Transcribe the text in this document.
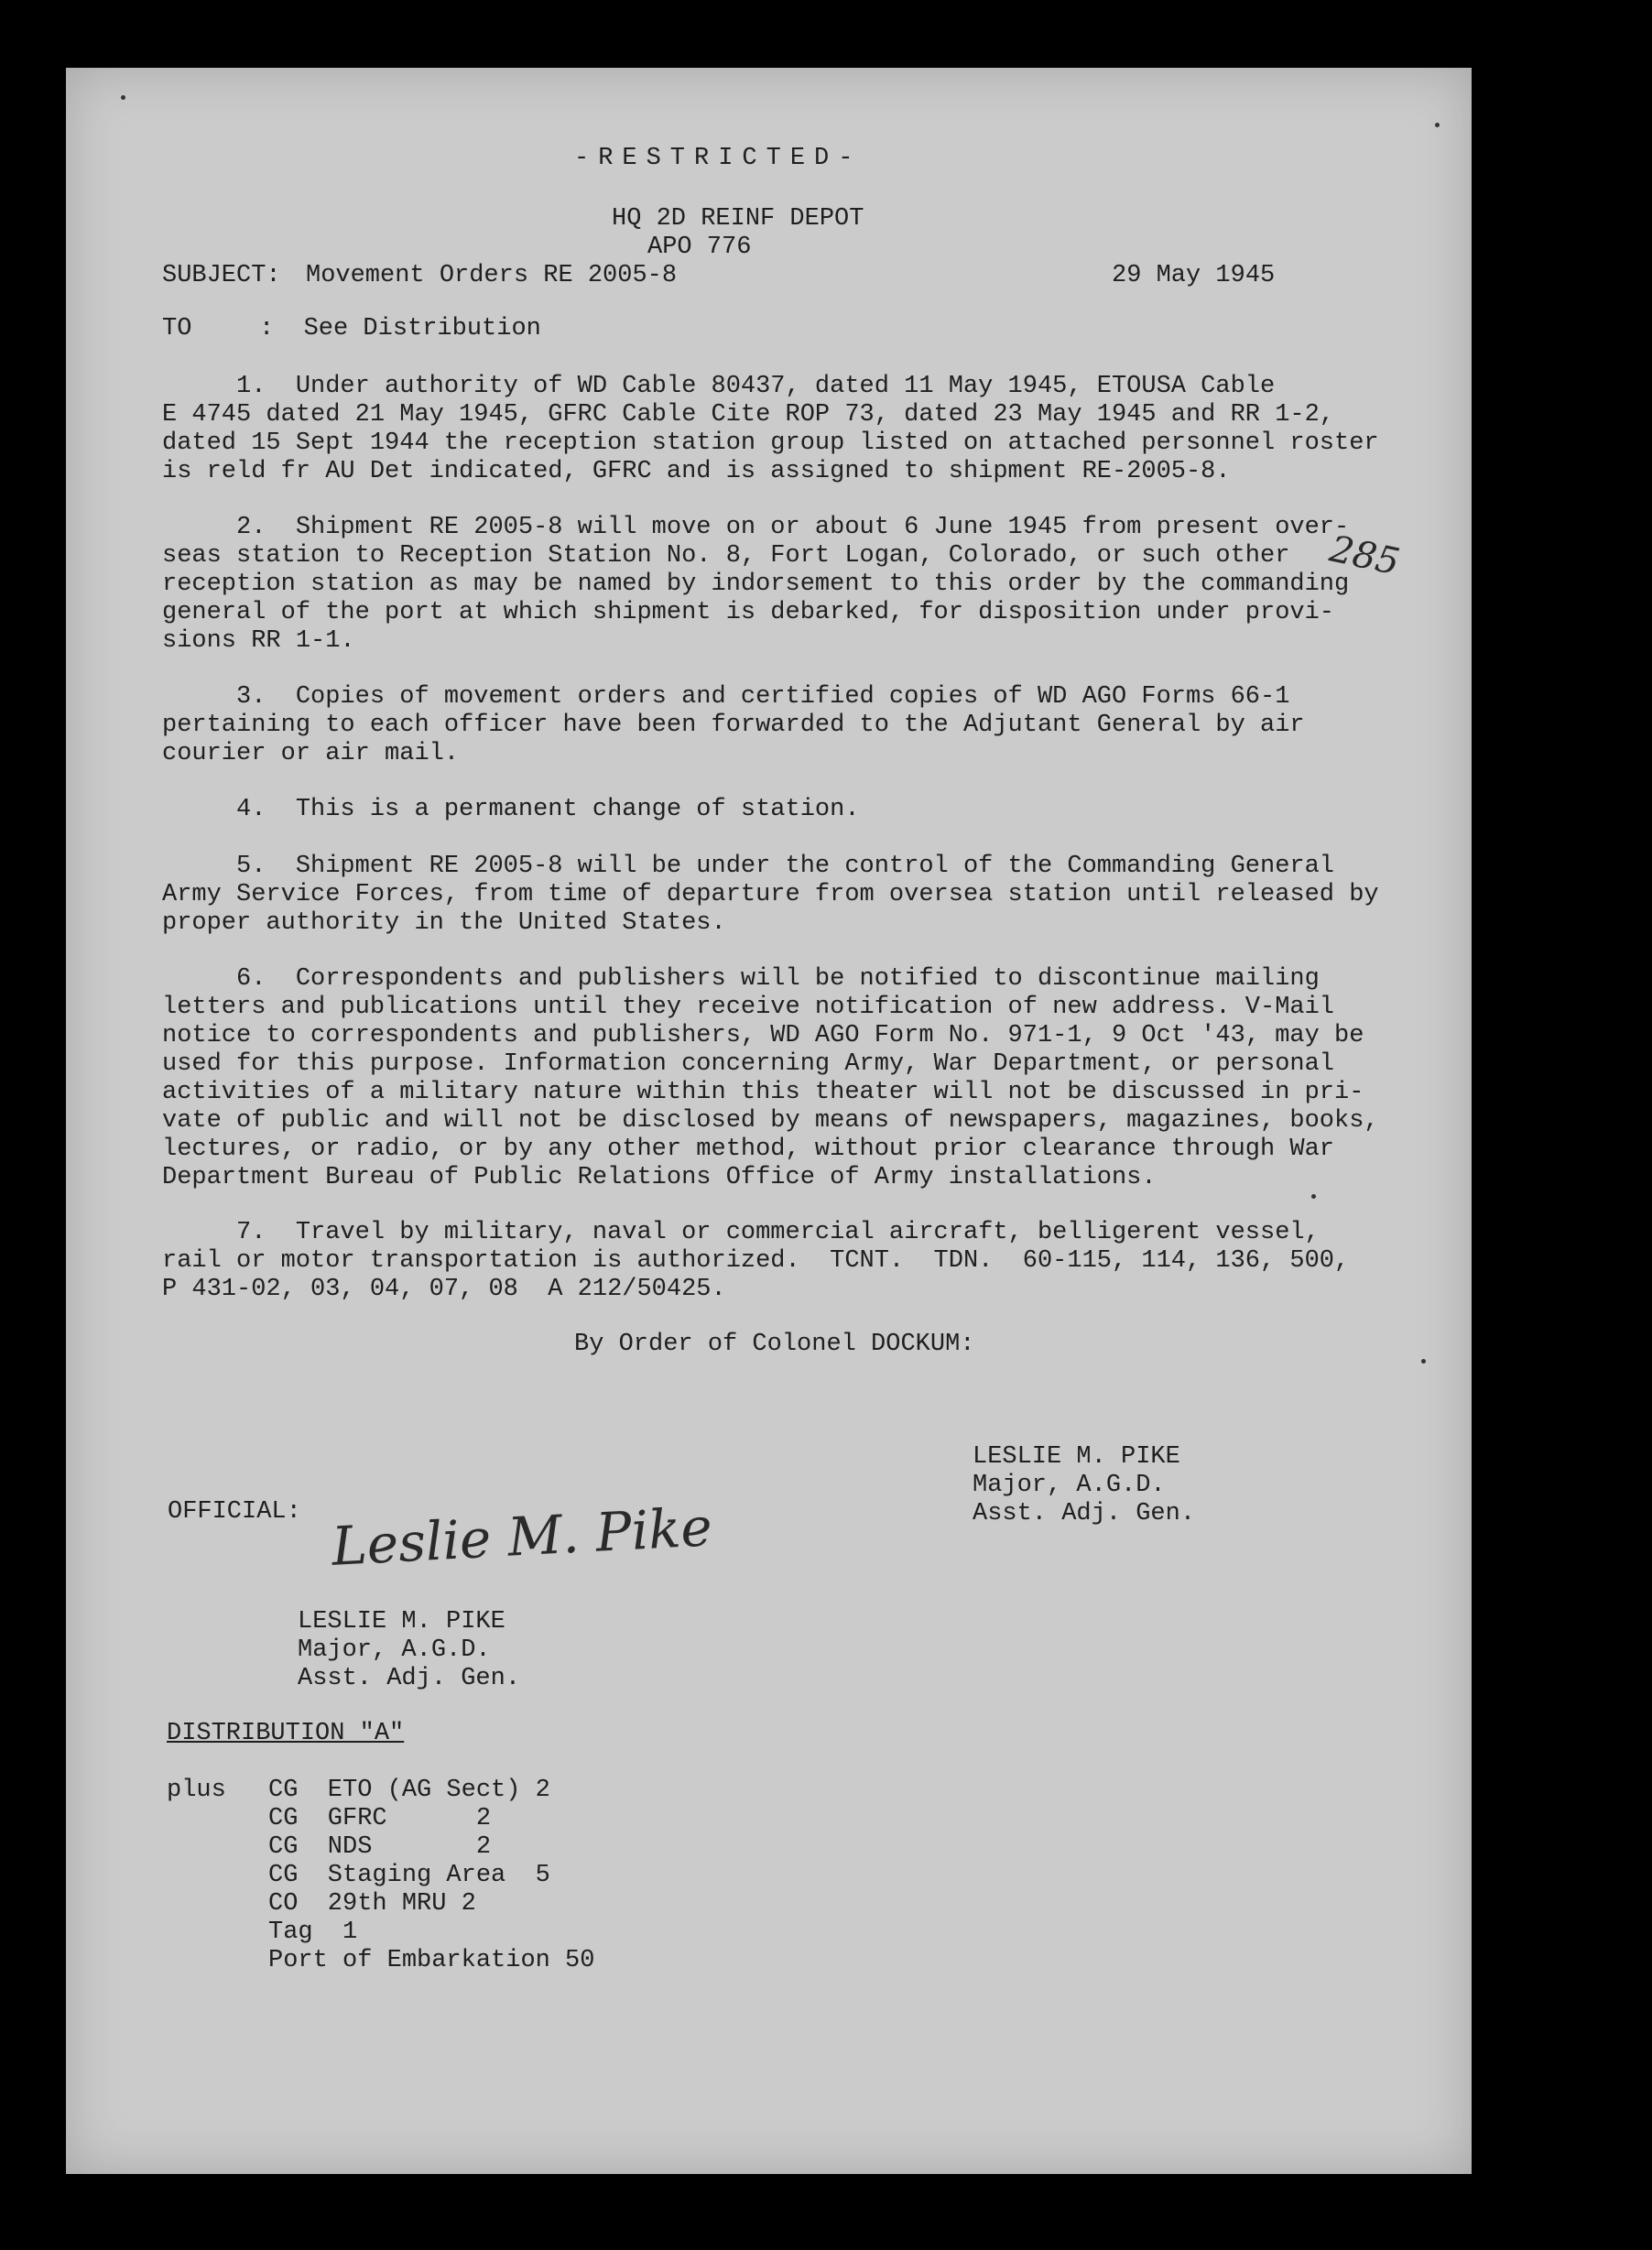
-RESTRICTED-
HQ 2D REINF DEPOT
APO 776
SUBJECT: Movement Orders RE 2005-8	29 May 1945
TO	:  See Distribution
285
1.  Under authority of WD Cable 80437, dated 11 May 1945, ETOUSA Cable
E 4745 dated 21 May 1945, GFRC Cable Cite ROP 73, dated 23 May 1945 and RR 1-2,
dated 15 Sept 1944 the reception station group listed on attached personnel roster
is reld fr AU Det indicated, GFRC and is assigned to shipment RE-2005-8.
2.  Shipment RE 2005-8 will move on or about 6 June 1945 from present over-
seas station to Reception Station No. 8, Fort Logan, Colorado, or such other
reception station as may be named by indorsement to this order by the commanding
general of the port at which shipment is debarked, for disposition under provi-
sions RR 1-1.
3.  Copies of movement orders and certified copies of WD AGO Forms 66-1
pertaining to each officer have been forwarded to the Adjutant General by air
courier or air mail.
4.  This is a permanent change of station.
5.  Shipment RE 2005-8 will be under the control of the Commanding General
Army Service Forces, from time of departure from oversea station until released by
proper authority in the United States.
6.  Correspondents and publishers will be notified to discontinue mailing
letters and publications until they receive notification of new address. V-Mail
notice to correspondents and publishers, WD AGO Form No. 971-1, 9 Oct '43, may be
used for this purpose. Information concerning Army, War Department, or personal
activities of a military nature within this theater will not be discussed in pri-
vate of public and will not be disclosed by means of newspapers, magazines, books,
lectures, or radio, or by any other method, without prior clearance through War
Department Bureau of Public Relations Office of Army installations.
7.  Travel by military, naval or commercial aircraft, belligerent vessel,
rail or motor transportation is authorized.  TCNT.  TDN.  60-115, 114, 136, 500,
P 431-02, 03, 04, 07, 08  A 212/50425.
By Order of Colonel DOCKUM:
LESLIE M. PIKE
Major, A.G.D.
Asst. Adj. Gen.
OFFICIAL: Leslie M. Pike
LESLIE M. PIKE
Major, A.G.D.
Asst. Adj. Gen.
DISTRIBUTION "A"
plus CG  ETO (AG Sect) 2
CG  GFRC      2
CG  NDS       2
CG  Staging Area  5
CO  29th MRU 2
Tag  1
Port of Embarkation 50
